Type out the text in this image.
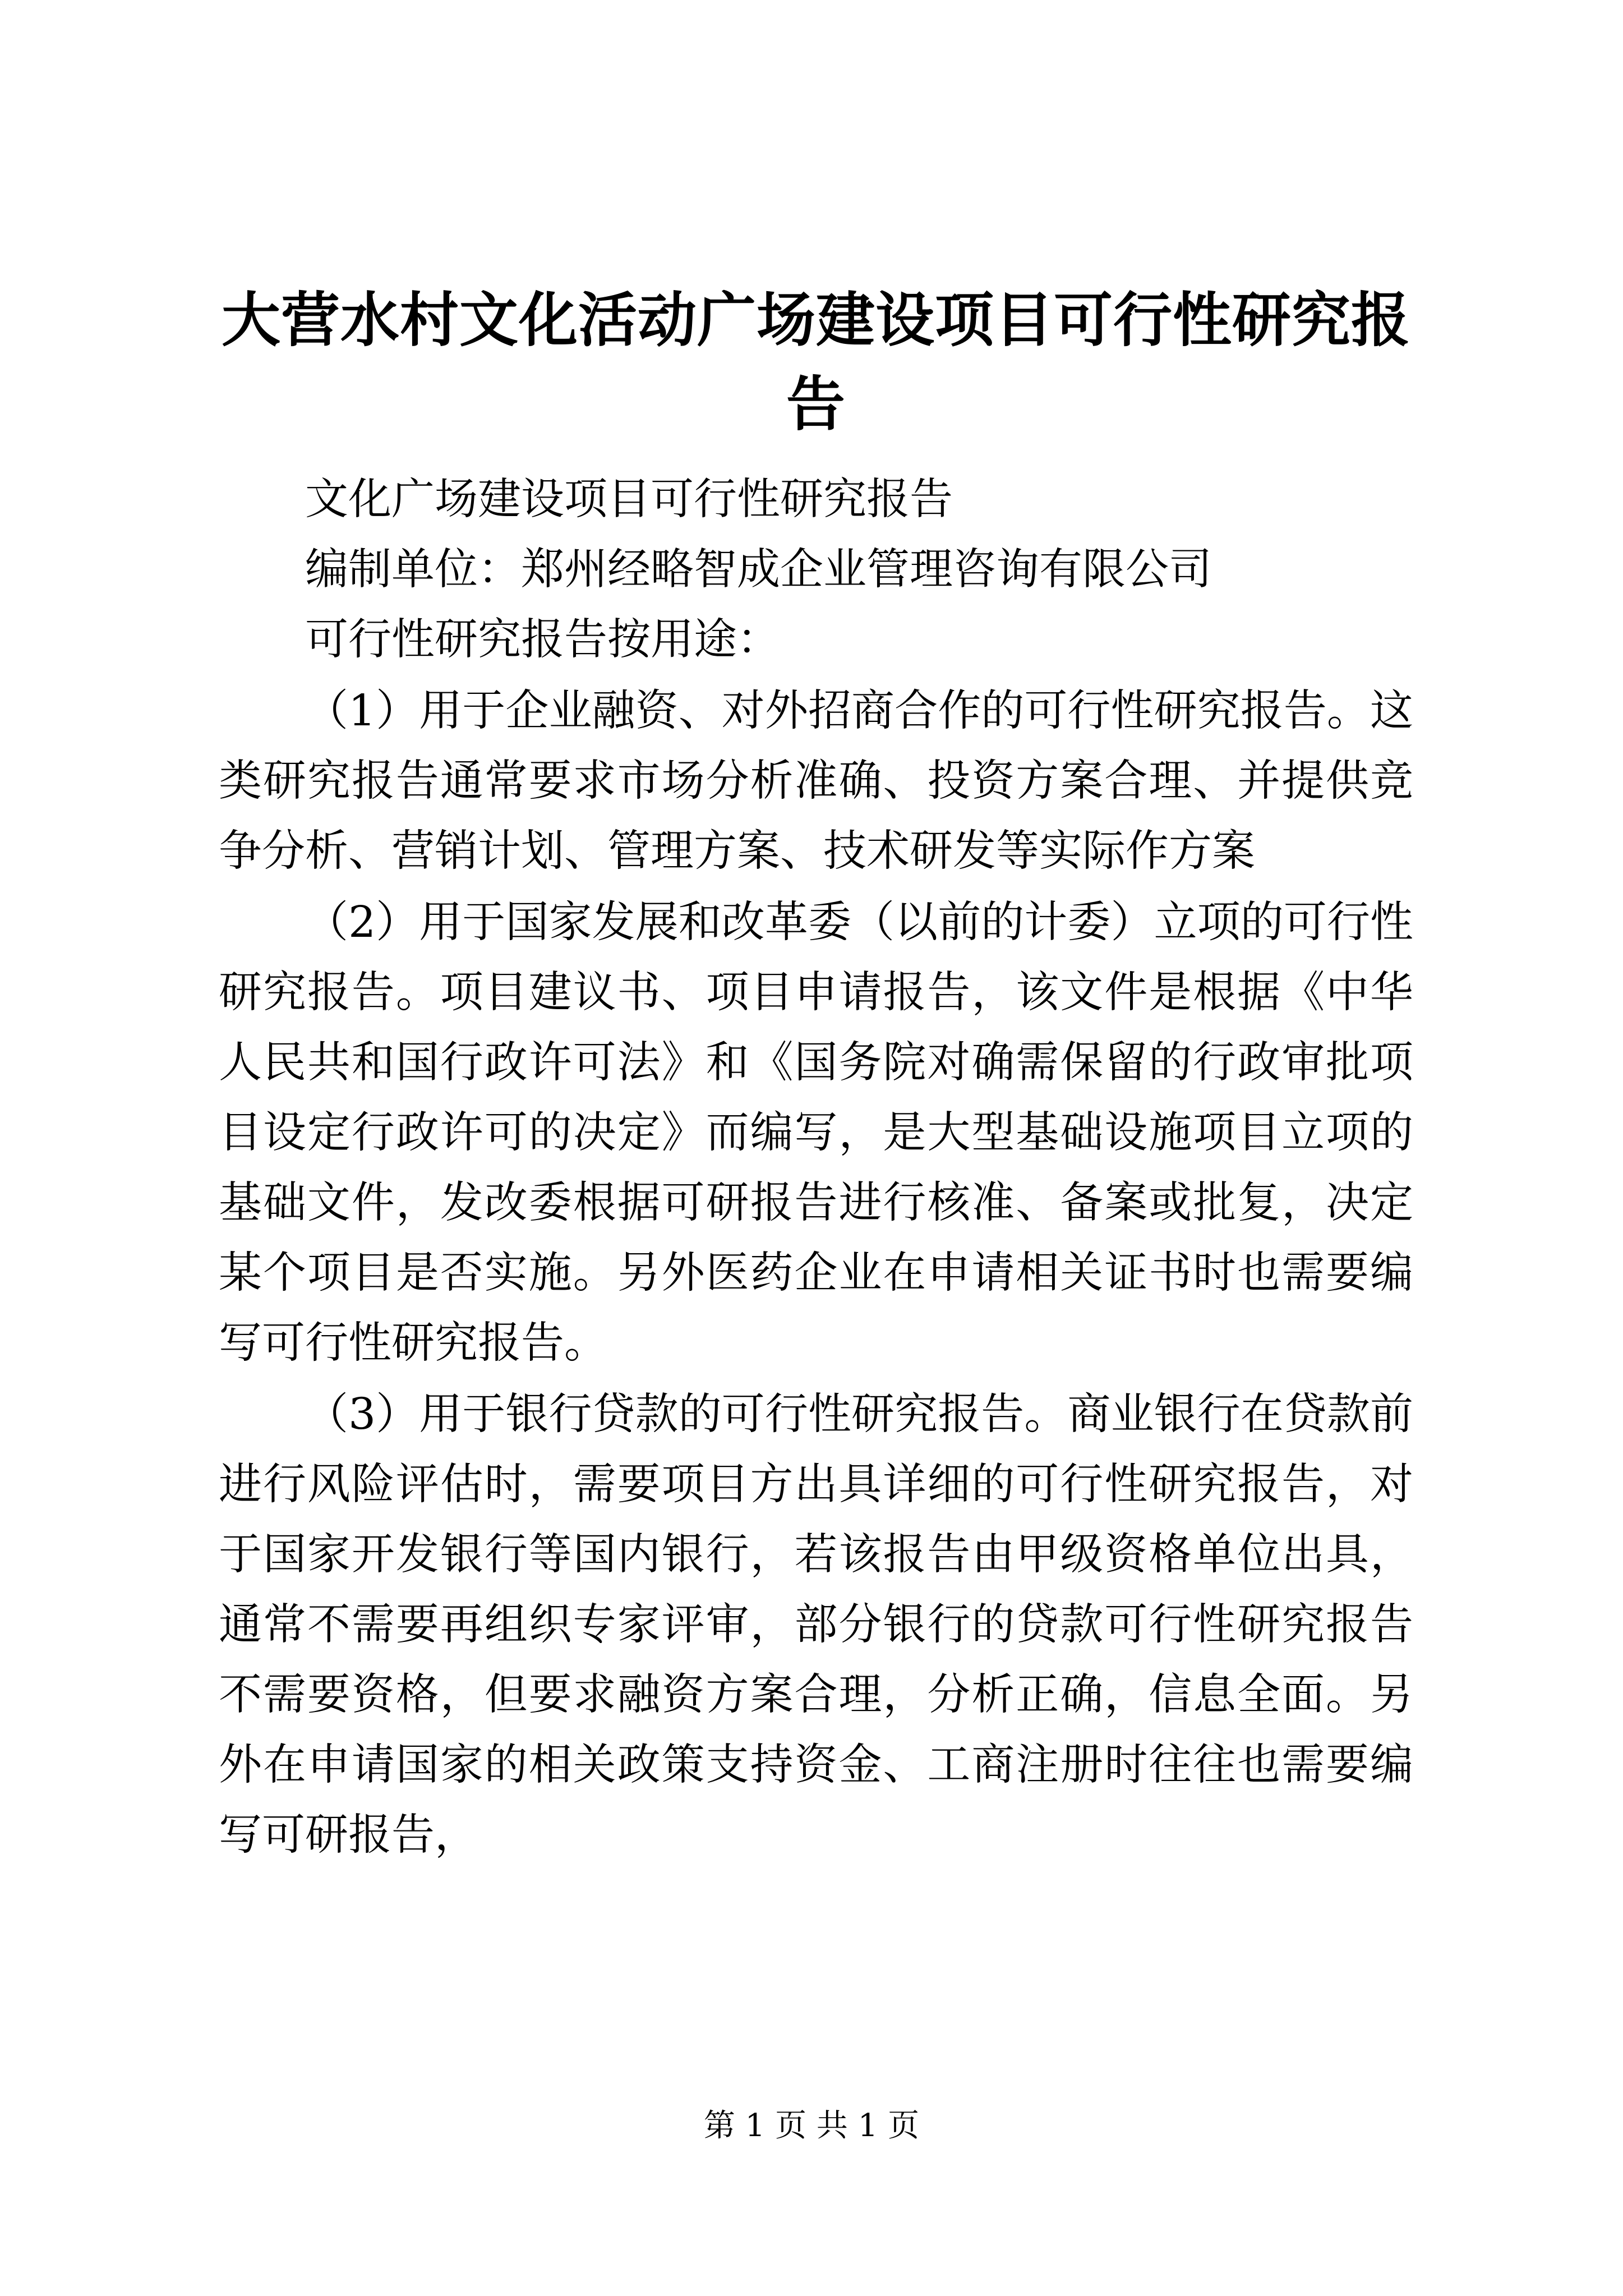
大营水村文化活动广场建设项目可行性研究报告

文化广场建设项目可行性研究报告

编制单位：郑州经略智成企业管理咨询有限公司

可行性研究报告按用途：

（1）用于企业融资、对外招商合作的可行性研究报告。这类研究报告通常要求市场分析准确、投资方案合理、并提供竞争分析、营销计划、管理方案、技术研发等实际作方案

（2）用于国家发展和改革委（以前的计委）立项的可行性研究报告。项目建议书、项目申请报告，该文件是根据《中华人民共和国行政许可法》和《国务院对确需保留的行政审批项目设定行政许可的决定》而编写，是大型基础设施项目立项的基础文件，发改委根据可研报告进行核准、备案或批复，决定某个项目是否实施。另外医药企业在申请相关证书时也需要编写可行性研究报告。

（3）用于银行贷款的可行性研究报告。商业银行在贷款前进行风险评估时，需要项目方出具详细的可行性研究报告，对于国家开发银行等国内银行，若该报告由甲级资格单位出具，通常不需要再组织专家评审，部分银行的贷款可行性研究报告不需要资格，但要求融资方案合理，分析正确，信息全面。另外在申请国家的相关政策支持资金、工商注册时往往也需要编写可研报告，

第 1 页 共 1 页
